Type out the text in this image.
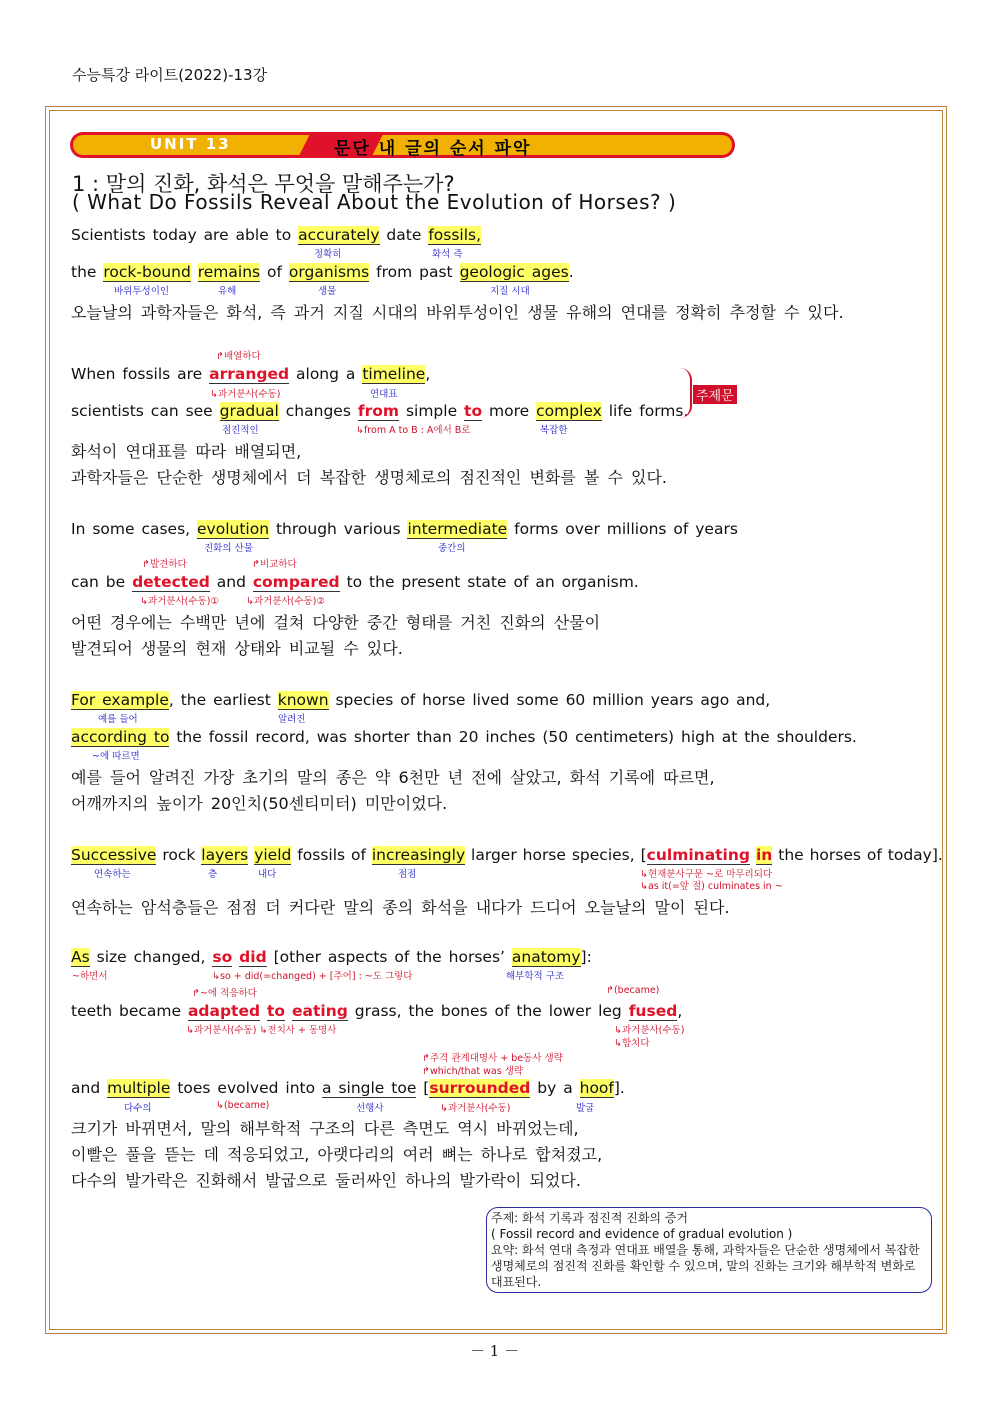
수능특강 라이트(2022)-13강
UNIT 13	문단 내 글의 순서 파악
1 : 말의 진화, 화석은 무엇을 말해주는가?
( What Do Fossils Reveal About the Evolution of Horses? )
Scientists today are able to accurately date fossils,
정확히	화석 즉
the rock-bound remains of organisms from past geologic ages.
바위투성이인	유해	생물	지질 시대
오늘날의 과학자들은 화석, 즉 과거 지질 시대의 바위투성이인 생물 유해의 연대를 정확히 추정할 수 있다.
↱배열하다
When fossils are arranged along a timeline,
↳과거분사(수동)	연대표
scientists can see gradual changes from simple to more complex life forms.
주제문
점진적인	↳from A to B : A에서 B로	복잡한
화석이 연대표를 따라 배열되면,
과학자들은 단순한 생명체에서 더 복잡한 생명체로의 점진적인 변화를 볼 수 있다.
In some cases, evolution through various intermediate forms over millions of years
진화의 산물	중간의
↱발견하다	↱비교하다
can be detected and compared to the present state of an organism.
↳과거분사(수동)①	↳과거분사(수동)②
어떤 경우에는 수백만 년에 걸쳐 다양한 중간 형태를 거친 진화의 산물이
발견되어 생물의 현재 상태와 비교될 수 있다.
For example, the earliest known species of horse lived some 60 million years ago and,
예를 들어	알려진
according to the fossil record, was shorter than 20 inches (50 centimeters) high at the shoulders.
~에 따르면
예를 들어 알려진 가장 초기의 말의 종은 약 6천만 년 전에 살았고, 화석 기록에 따르면,
어깨까지의 높이가 20인치(50센티미터) 미만이었다.
Successive rock layers yield fossils of increasingly larger horse species, [culminating in the horses of today].
연속하는	층	내다	점점	↳현재분사구문 ~로 마무리되다
↳as it(=앞 절) culminates in ~
연속하는 암석층들은 점점 더 커다란 말의 종의 화석을 내다가 드디어 오늘날의 말이 된다.
As size changed, so did [other aspects of the horses’ anatomy]:
~하면서	↳so + did(=changed) + [주어] : ~도 그렇다	해부학적 구조
↱~에 적응하다	↱(became)
teeth became adapted to eating grass, the bones of the lower leg fused,
↳과거분사(수동) ↳전치사 + 동명사	↳과거분사(수동)
↳합치다
↱주격 관계대명사 + be동사 생략
↱which/that was 생략
and multiple toes evolved into a single toe [surrounded by a hoof].
다수의	↳(became)	선행사	↳과거분사(수동)	발굽
크기가 바뀌면서, 말의 해부학적 구조의 다른 측면도 역시 바뀌었는데,
이빨은 풀을 뜯는 데 적응되었고, 아랫다리의 여러 뼈는 하나로 합쳐졌고,
다수의 발가락은 진화해서 발굽으로 둘러싸인 하나의 발가락이 되었다.
주제: 화석 기록과 점진적 진화의 증거
( Fossil record and evidence of gradual evolution )
요약: 화석 연대 측정과 연대표 배열을 통해, 과학자들은 단순한 생명체에서 복잡한 생명체로의 점진적 진화를 확인할 수 있으며, 말의 진화는 크기와 해부학적 변화로 대표된다.
－ 1 －
